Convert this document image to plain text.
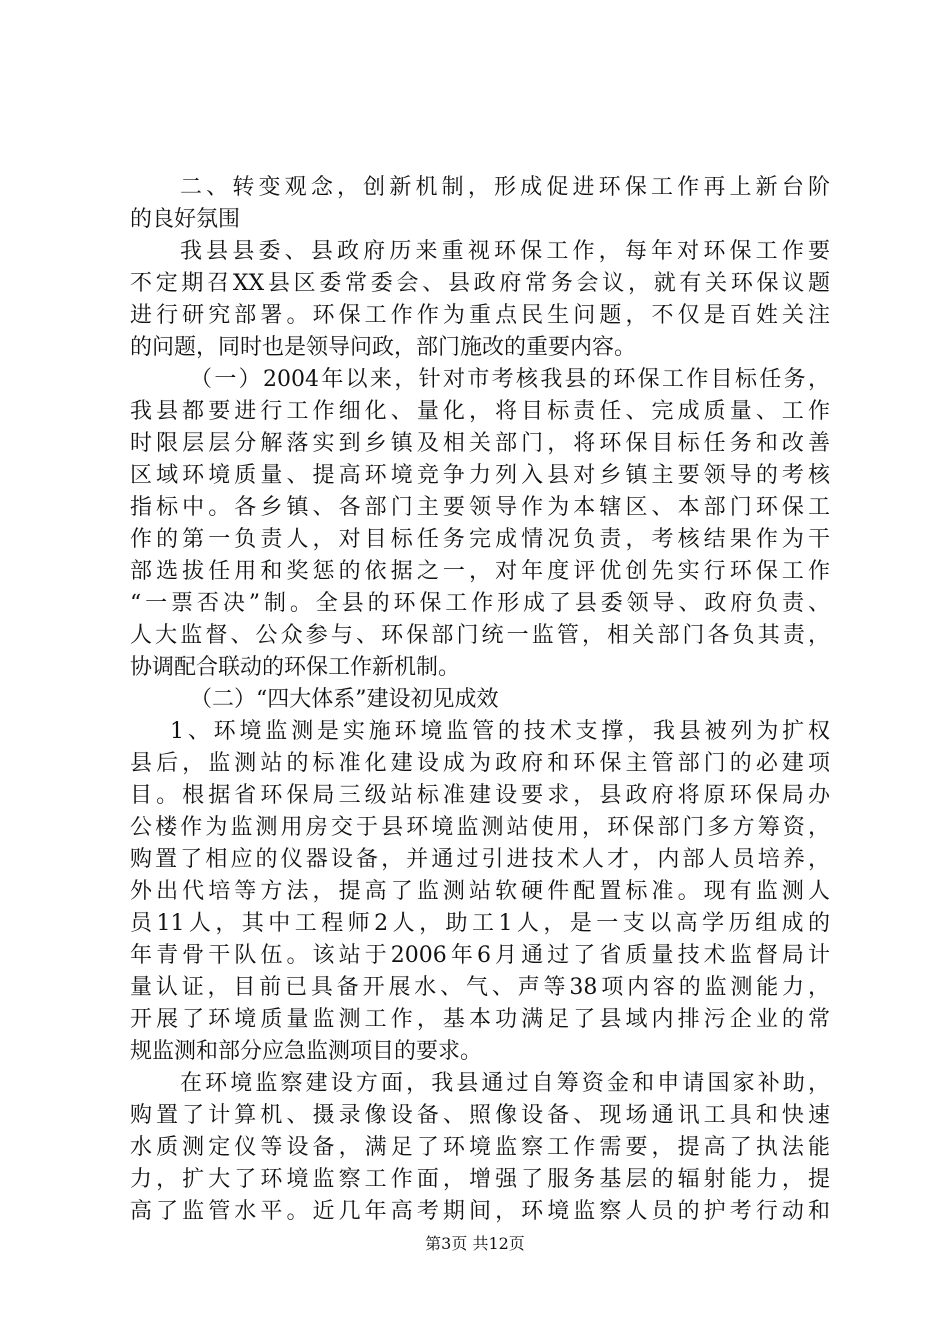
二、转变观念，创新机制，形成促进环保工作再上新台阶
的良好氛围
我县县委、县政府历来重视环保工作，每年对环保工作要
不定期召XX县区委常委会、县政府常务会议，就有关环保议题
进行研究部署。环保工作作为重点民生问题，不仅是百姓关注
的问题，同时也是领导问政，部门施改的重要内容。
（一）2004年以来，针对市考核我县的环保工作目标任务，
我县都要进行工作细化、量化，将目标责任、完成质量、工作
时限层层分解落实到乡镇及相关部门，将环保目标任务和改善
区域环境质量、提高环境竞争力列入县对乡镇主要领导的考核
指标中。各乡镇、各部门主要领导作为本辖区、本部门环保工
作的第一负责人，对目标任务完成情况负责，考核结果作为干
部选拔任用和奖惩的依据之一，对年度评优创先实行环保工作
“一票否决”制。全县的环保工作形成了县委领导、政府负责、
人大监督、公众参与、环保部门统一监管，相关部门各负其责，
协调配合联动的环保工作新机制。
（二）“四大体系”建设初见成效
1、环境监测是实施环境监管的技术支撑，我县被列为扩权
县后，监测站的标准化建设成为政府和环保主管部门的必建项
目。根据省环保局三级站标准建设要求，县政府将原环保局办
公楼作为监测用房交于县环境监测站使用，环保部门多方筹资，
购置了相应的仪器设备，并通过引进技术人才，内部人员培养，
外出代培等方法，提高了监测站软硬件配置标准。现有监测人
员11人，其中工程师2人，助工1人，是一支以高学历组成的
年青骨干队伍。该站于2006年6月通过了省质量技术监督局计
量认证，目前已具备开展水、气、声等38项内容的监测能力，
开展了环境质量监测工作，基本功满足了县域内排污企业的常
规监测和部分应急监测项目的要求。
在环境监察建设方面，我县通过自筹资金和申请国家补助，
购置了计算机、摄录像设备、照像设备、现场通讯工具和快速
水质测定仪等设备，满足了环境监察工作需要，提高了执法能
力，扩大了环境监察工作面，增强了服务基层的辐射能力，提
高了监管水平。近几年高考期间，环境监察人员的护考行动和
第3页 共12页
